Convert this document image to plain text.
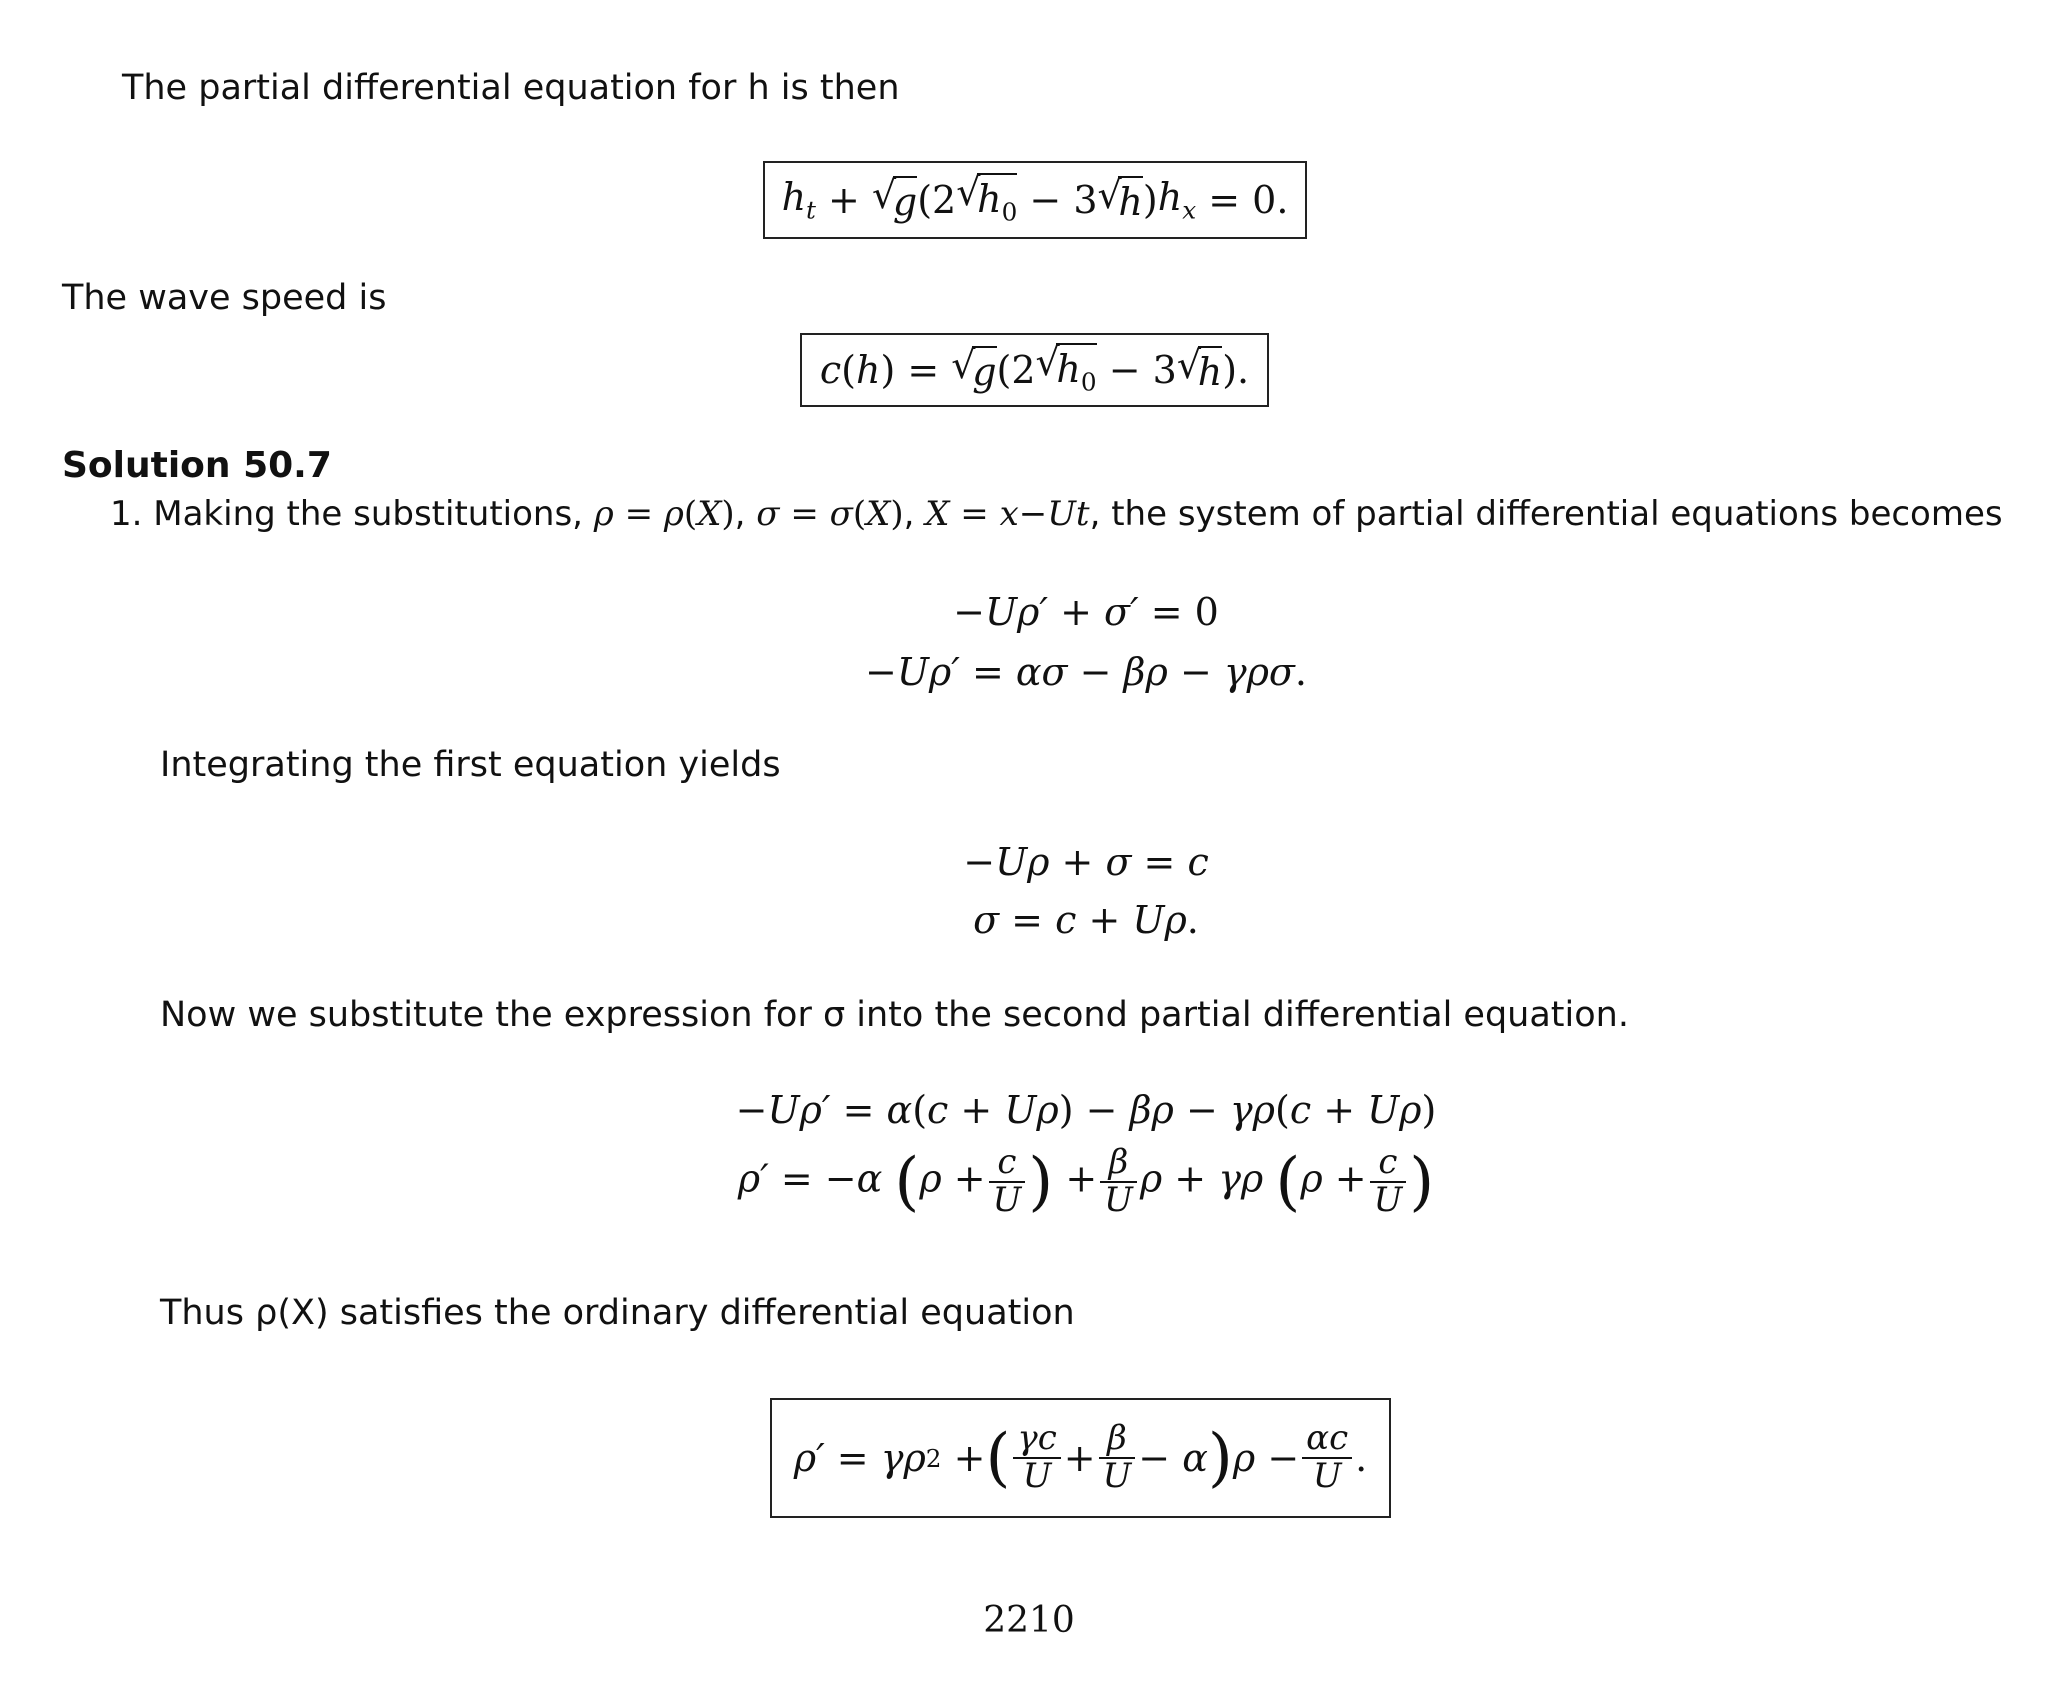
The partial differential equation for h is then
$h_t$ + √ g (2 √ $h_0$
−
3 √ h ) $h_x$
= 0.
The wave speed is
c ( h ) = √ g (2 √ $h_0$
−
3 √ h ).
Solution 50.7
1. Making the substitutions, ρ = ρ(X), σ = σ(X), X = x−Ut, the system of partial differential equations becomes
−Uρ′ + σ′ = 0
−Uρ′ = ασ − βρ − γρσ.
Integrating the first equation yields
−Uρ + σ = c
σ = c + Uρ.
Now we substitute the expression for σ into the second partial differential equation.
−Uρ′ = α(c + Uρ) − βρ − γρ(c + Uρ)
ρ′ = −α ($\rho + \frac{c}{U}$ ) + $\frac{\beta}{U}$ ρ + γρ ($\rho + \frac{c}{U}$ )
Thus ρ(X) satisfies the ordinary differential equation
ρ′
=
γρ 2
+ ( $\frac{\gamma c}{U} + \frac{\beta}{U}$ −
α ) ρ
− $\frac{\alpha c}{U}$ .
2210
